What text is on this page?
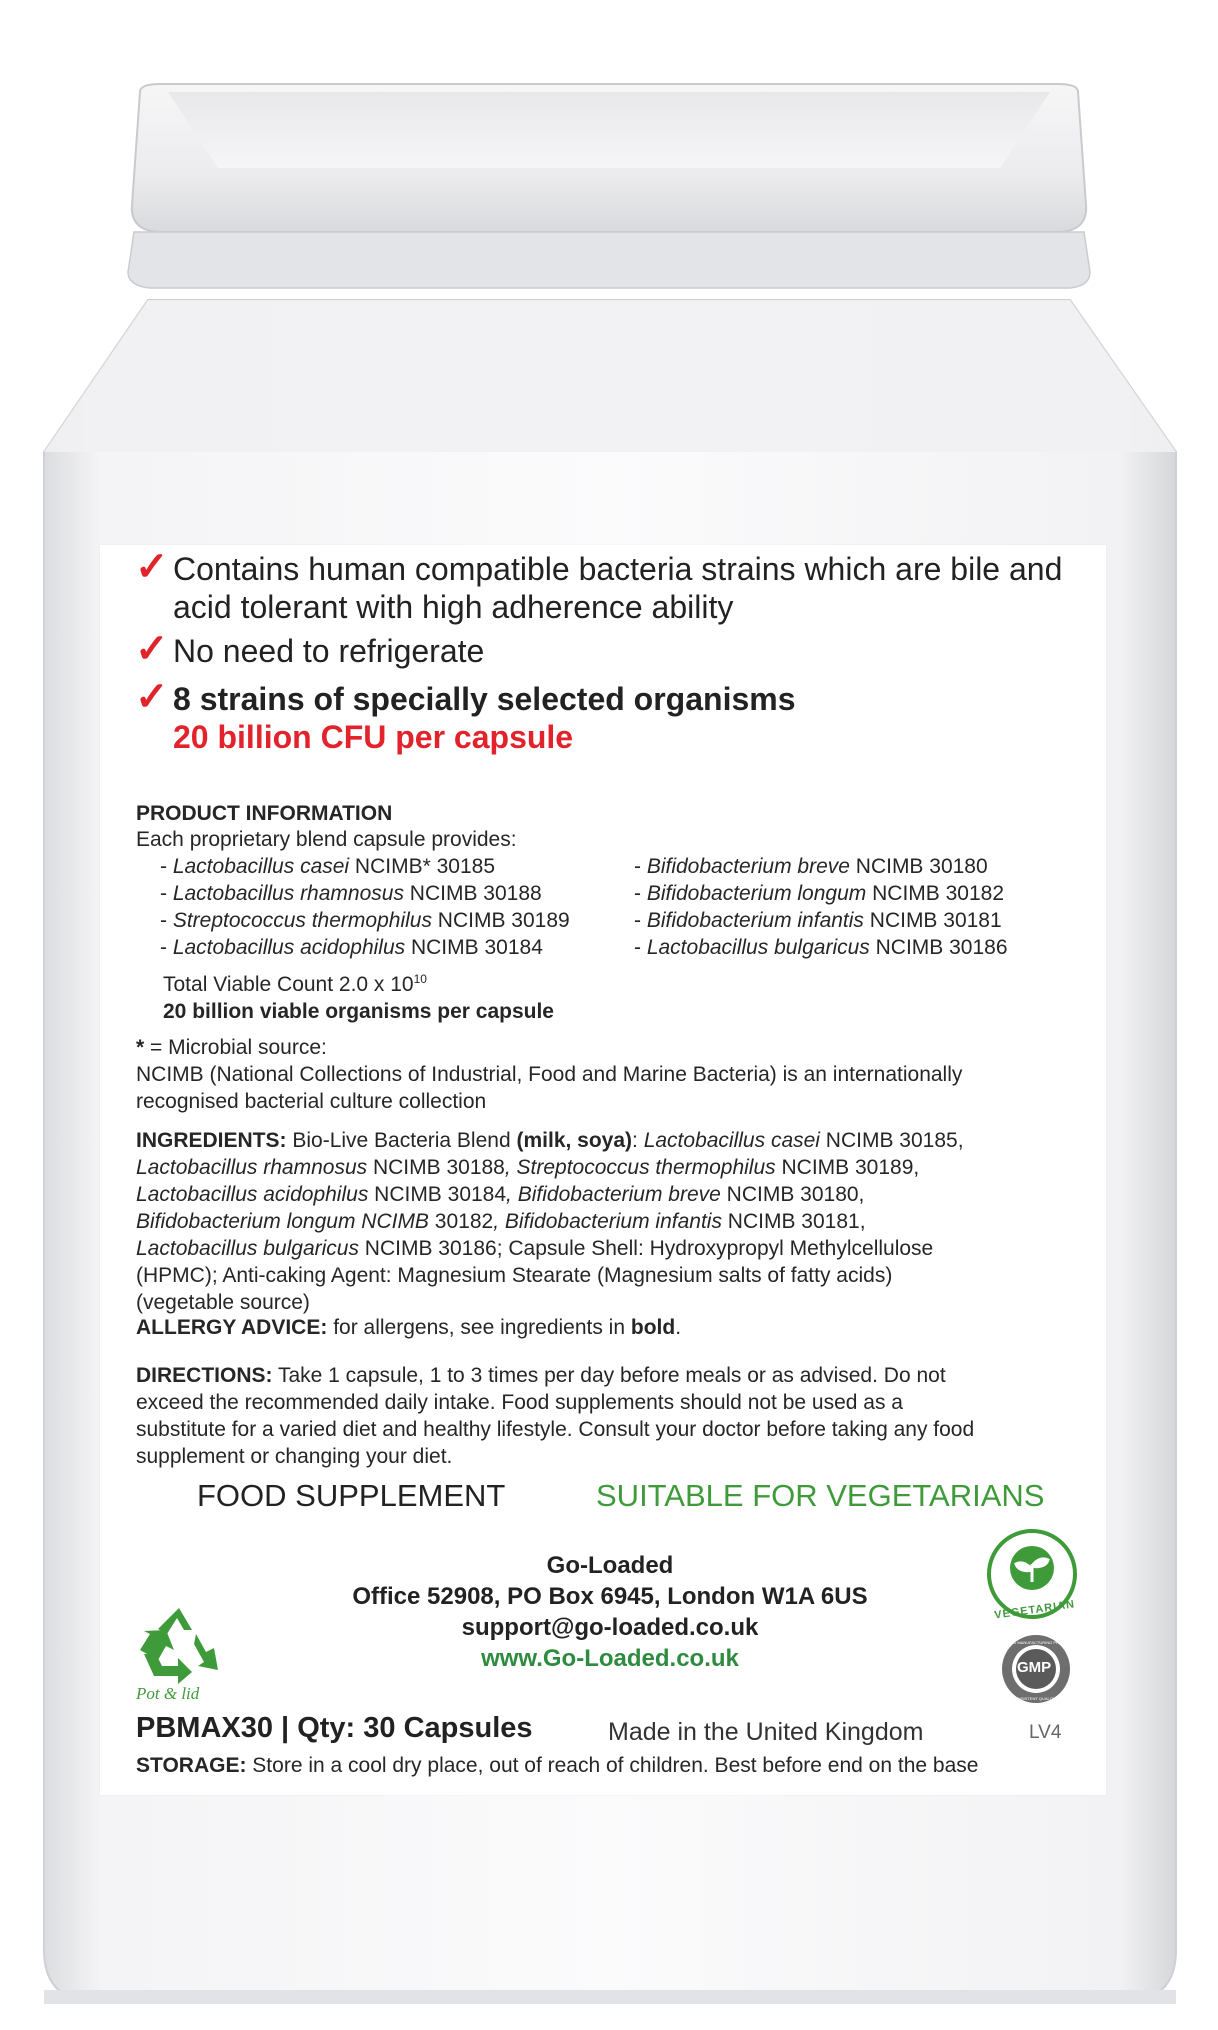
✓ Contains human compatible bacteria strains which are bile and
acid tolerant with high adherence ability
✓ No need to refrigerate
✓ 8 strains of specially selected organisms
20 billion CFU per capsule
PRODUCT INFORMATION
Each proprietary blend capsule provides:
- Lactobacillus casei NCIMB* 30185
- Lactobacillus rhamnosus NCIMB 30188
- Streptococcus thermophilus NCIMB 30189
- Lactobacillus acidophilus NCIMB 30184
- Bifidobacterium breve NCIMB 30180
- Bifidobacterium longum NCIMB 30182
- Bifidobacterium infantis NCIMB 30181
- Lactobacillus bulgaricus NCIMB 30186
Total Viable Count 2.0 x $10^{10}$
20 billion viable organisms per capsule

* = Microbial source:

NCIMB (National Collections of Industrial, Food and Marine Bacteria) is an internationally

recognised bacterial culture collection

INGREDIENTS: Bio-Live Bacteria Blend (milk, soya): Lactobacillus casei NCIMB 30185,

Lactobacillus rhamnosus NCIMB 30188, Streptococcus thermophilus NCIMB 30189,

Lactobacillus acidophilus NCIMB 30184, Bifidobacterium breve NCIMB 30180,

Bifidobacterium longum NCIMB 30182, Bifidobacterium infantis NCIMB 30181,

Lactobacillus bulgaricus NCIMB 30186; Capsule Shell: Hydroxypropyl Methylcellulose

(HPMC); Anti-caking Agent: Magnesium Stearate (Magnesium salts of fatty acids)

(vegetable source)

ALLERGY ADVICE: for allergens, see ingredients in bold.

DIRECTIONS: Take 1 capsule, 1 to 3 times per day before meals or as advised. Do not

exceed the recommended daily intake. Food supplements should not be used as a

substitute for a varied diet and healthy lifestyle. Consult your doctor before taking any food

supplement or changing your diet.

FOOD SUPPLEMENT	SUITABLE FOR VEGETARIANS
Go-Loaded
Office 52908, PO Box 6945, London W1A 6US
support@go-loaded.co.uk
www.Go-Loaded.co.uk
Pot & lid
VEGETARIAN
GMP
GOOD MANUFACTURING PRACTICE
CONSISTENT QUALITY
PBMAX30 | Qty: 30 Capsules	Made in the United Kingdom	LV4
STORAGE: Store in a cool dry place, out of reach of children. Best before end on the base
